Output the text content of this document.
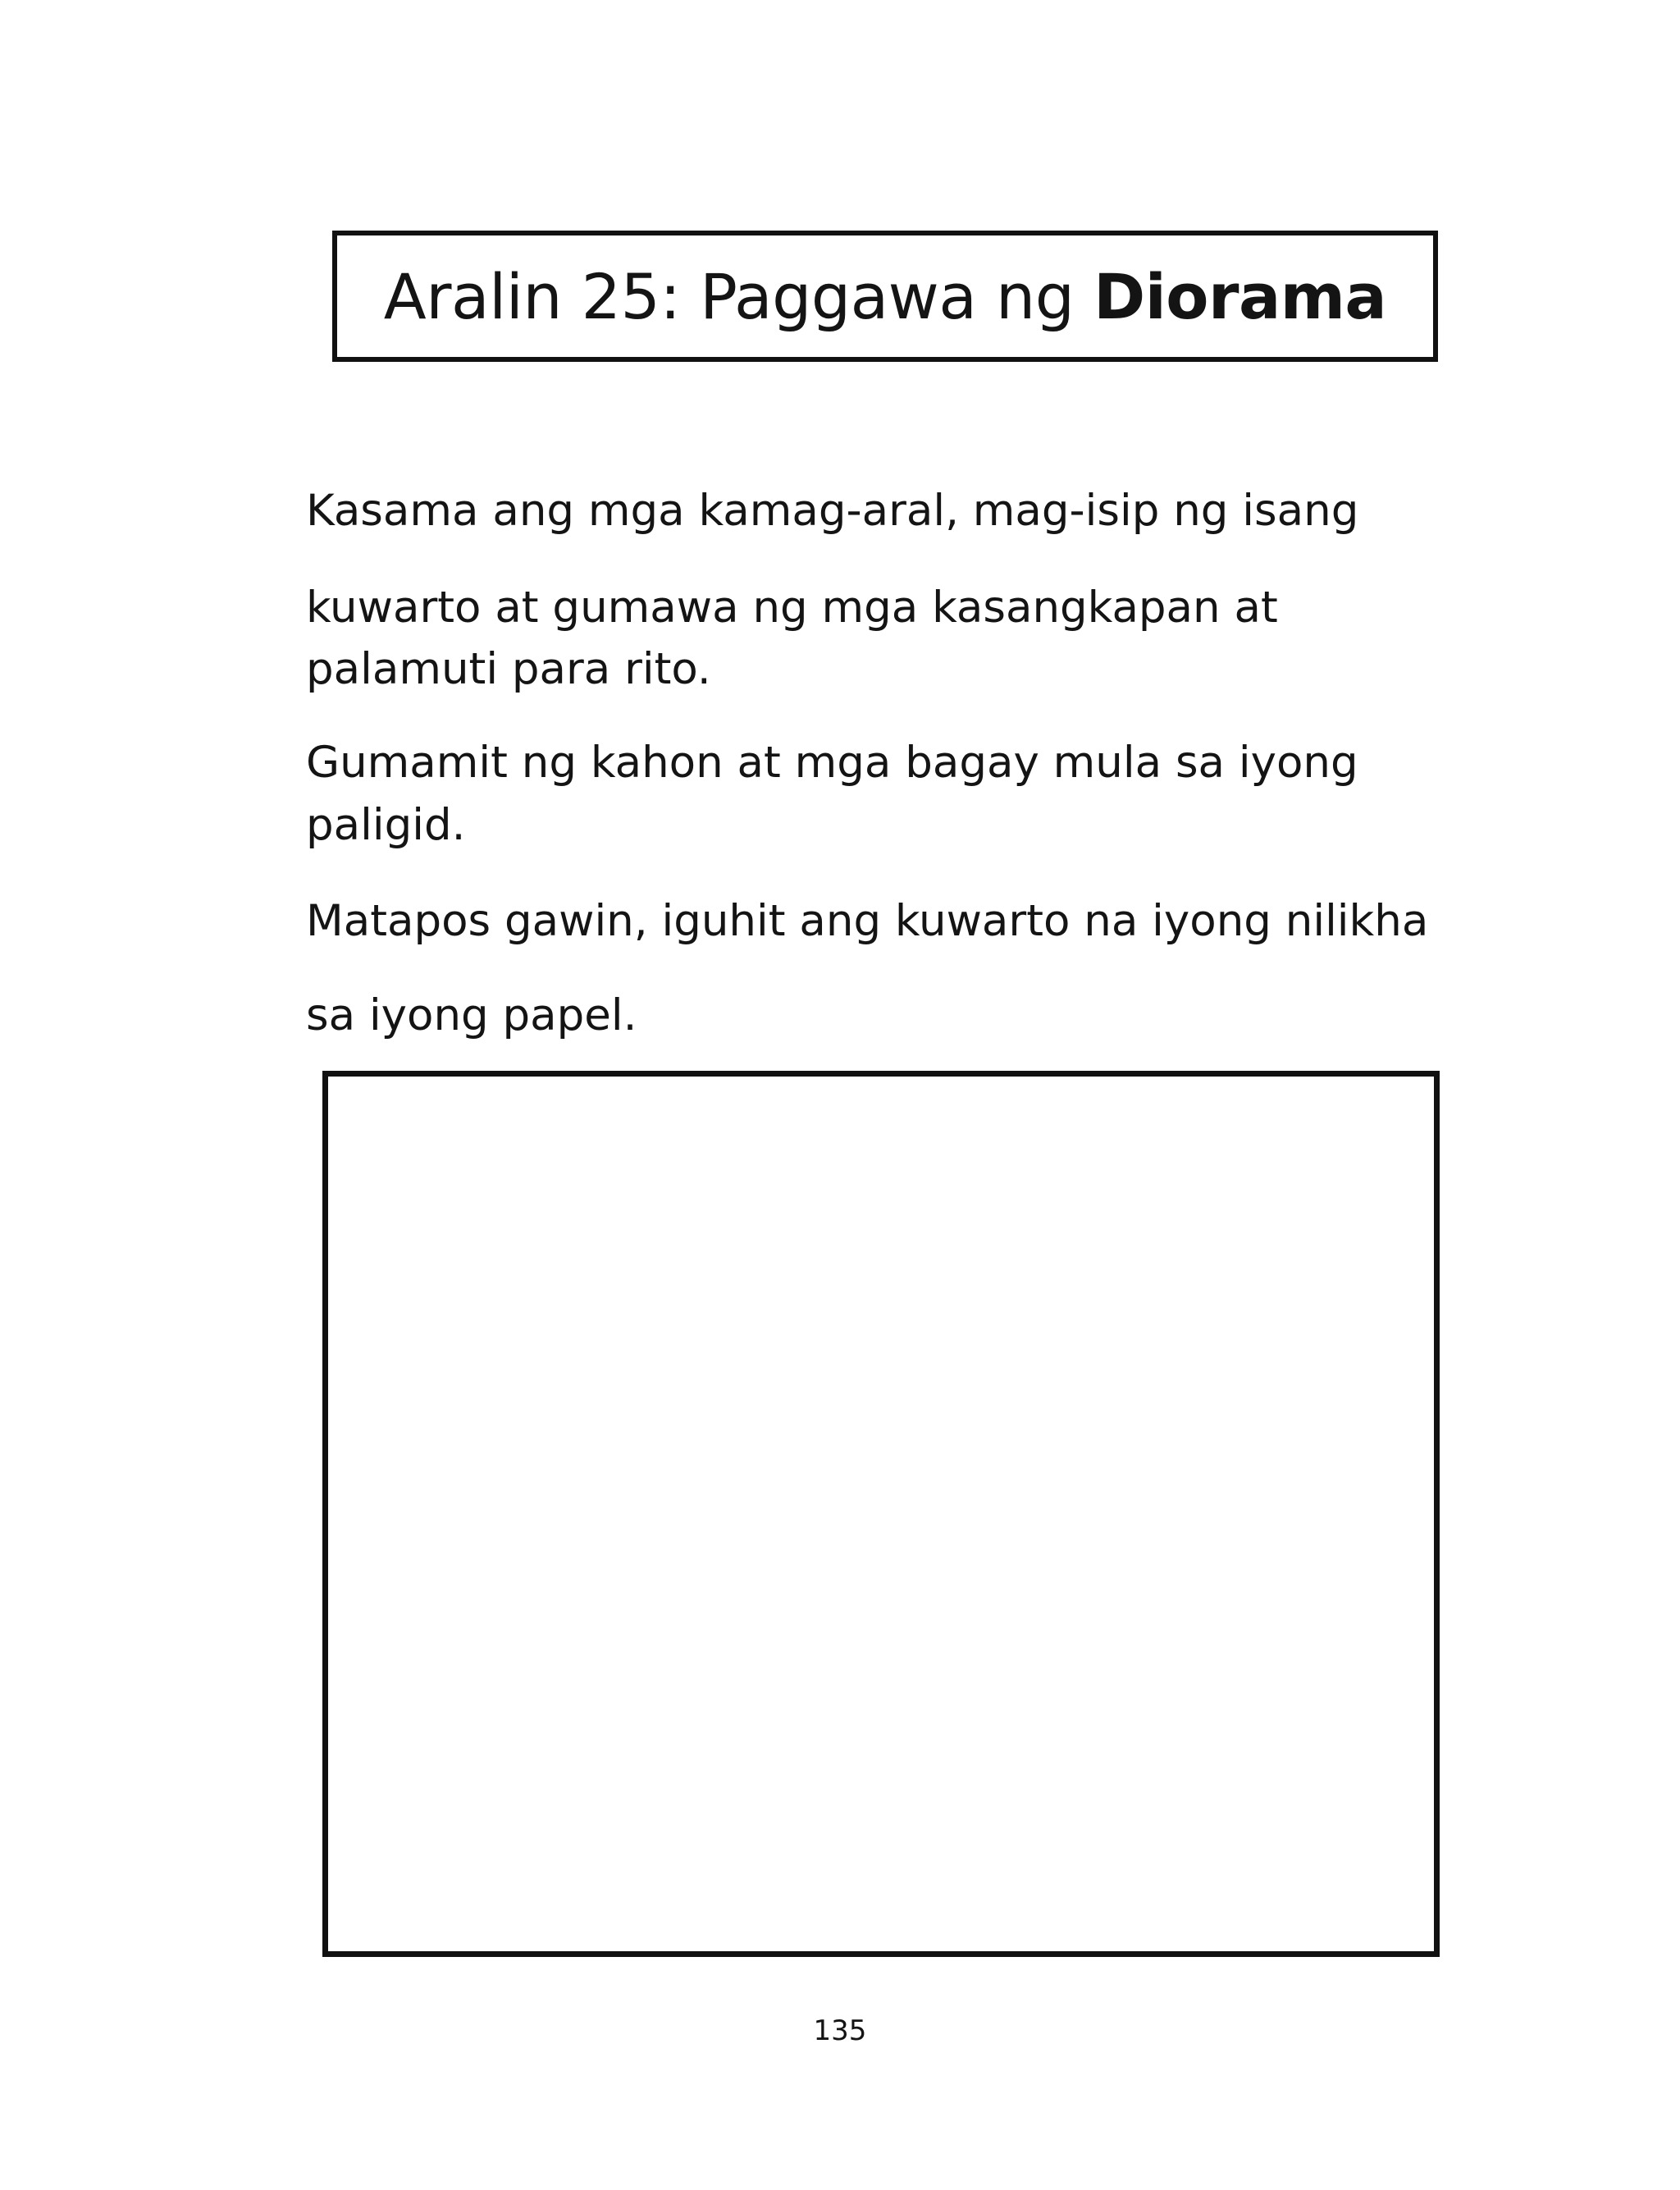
Aralin 25: Paggawa ng Diorama

Kasama ang mga kamag-aral, mag-isip ng isang

kuwarto at gumawa ng mga kasangkapan at

palamuti para rito.

Gumamit ng kahon at mga bagay mula sa iyong

paligid.

Matapos gawin, iguhit ang kuwarto na iyong nilikha

sa iyong papel.

135
